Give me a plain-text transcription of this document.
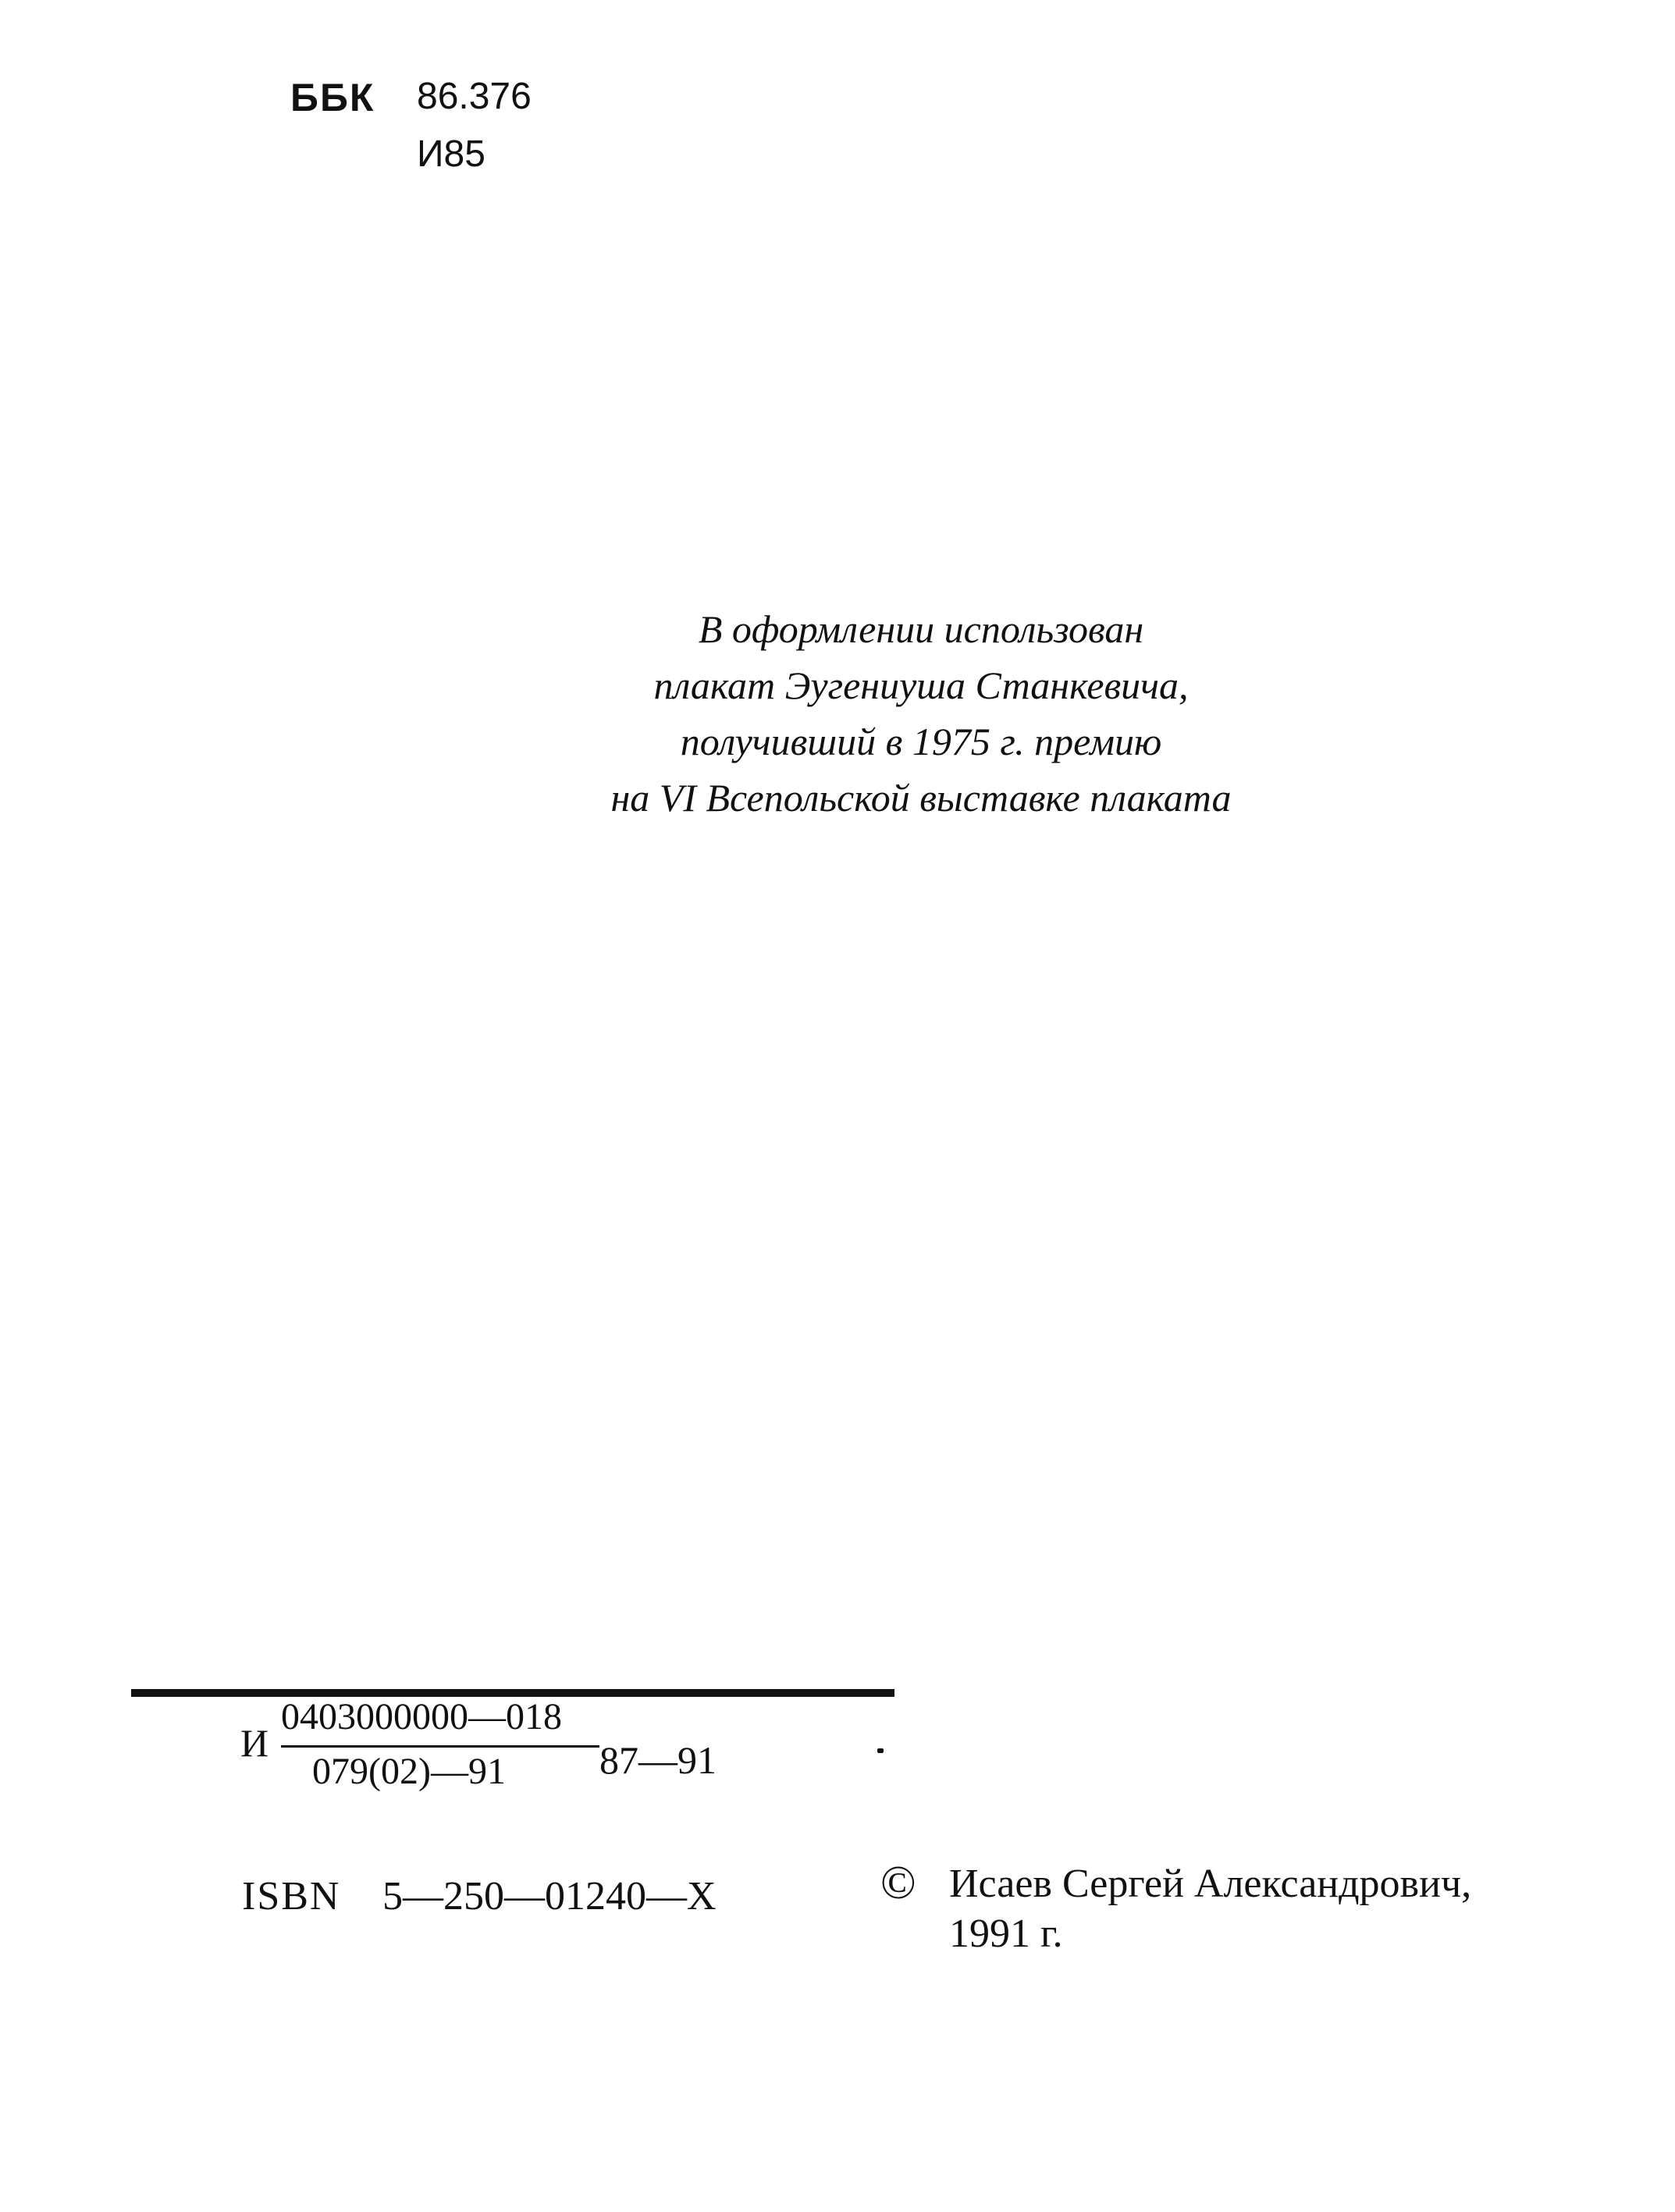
ББК 86.376
И85
В оформлении использован
плакат Эугениуша Станкевича,
получивший в 1975 г. премию
на VI Всепольской выставке плаката
И
0403000000—018
079(02)—91 87—91
ISBN 5—250—01240—X	© Исаев Сергей Александрович,
1991 г.
